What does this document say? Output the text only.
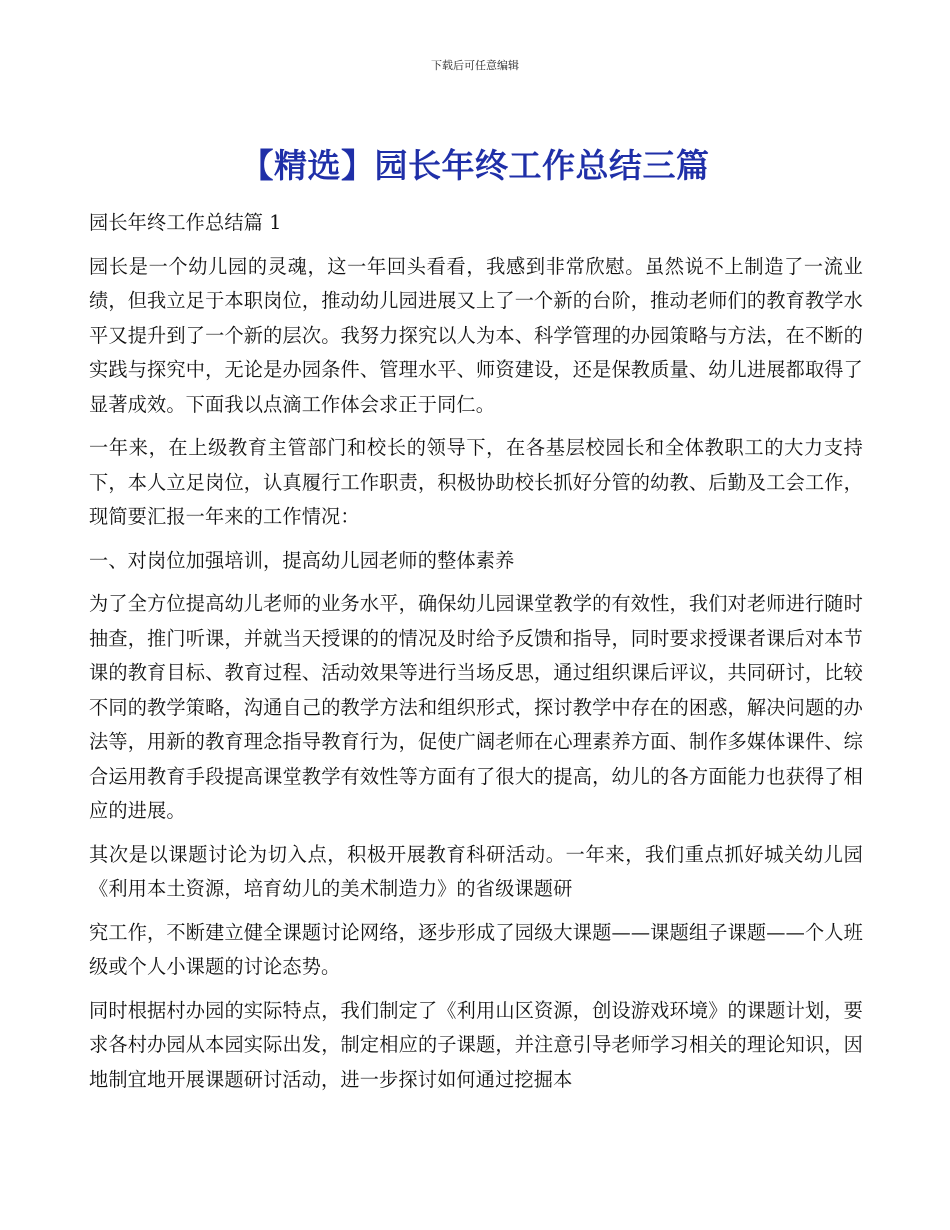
下载后可任意编辑
【精选】园长年终工作总结三篇

园长年终工作总结篇 1

园长是一个幼儿园的灵魂，这一年回头看看，我感到非常欣慰。虽然说不上制造了一流业绩，但我立足于本职岗位，推动幼儿园进展又上了一个新的台阶，推动老师们的教育教学水平又提升到了一个新的层次。我努力探究以人为本、科学管理的办园策略与方法，在不断的实践与探究中，无论是办园条件、管理水平、师资建设，还是保教质量、幼儿进展都取得了显著成效。下面我以点滴工作体会求正于同仁。

一年来，在上级教育主管部门和校长的领导下，在各基层校园长和全体教职工的大力支持下，本人立足岗位，认真履行工作职责，积极协助校长抓好分管的幼教、后勤及工会工作，现简要汇报一年来的工作情况：

一、对岗位加强培训，提高幼儿园老师的整体素养

为了全方位提高幼儿老师的业务水平，确保幼儿园课堂教学的有效性，我们对老师进行随时抽查，推门听课，并就当天授课的的情况及时给予反馈和指导，同时要求授课者课后对本节课的教育目标、教育过程、活动效果等进行当场反思，通过组织课后评议，共同研讨，比较不同的教学策略，沟通自己的教学方法和组织形式，探讨教学中存在的困惑，解决问题的办法等，用新的教育理念指导教育行为，促使广阔老师在心理素养方面、制作多媒体课件、综合运用教育手段提高课堂教学有效性等方面有了很大的提高，幼儿的各方面能力也获得了相应的进展。

其次是以课题讨论为切入点，积极开展教育科研活动。一年来，我们重点抓好城关幼儿园《利用本土资源，培育幼儿的美术制造力》的省级课题研

究工作，不断建立健全课题讨论网络，逐步形成了园级大课题——课题组子课题——个人班级或个人小课题的讨论态势。

同时根据村办园的实际特点，我们制定了《利用山区资源，创设游戏环境》的课题计划，要求各村办园从本园实际出发，制定相应的子课题，并注意引导老师学习相关的理论知识，因地制宜地开展课题研讨活动，进一步探讨如何通过挖掘本
